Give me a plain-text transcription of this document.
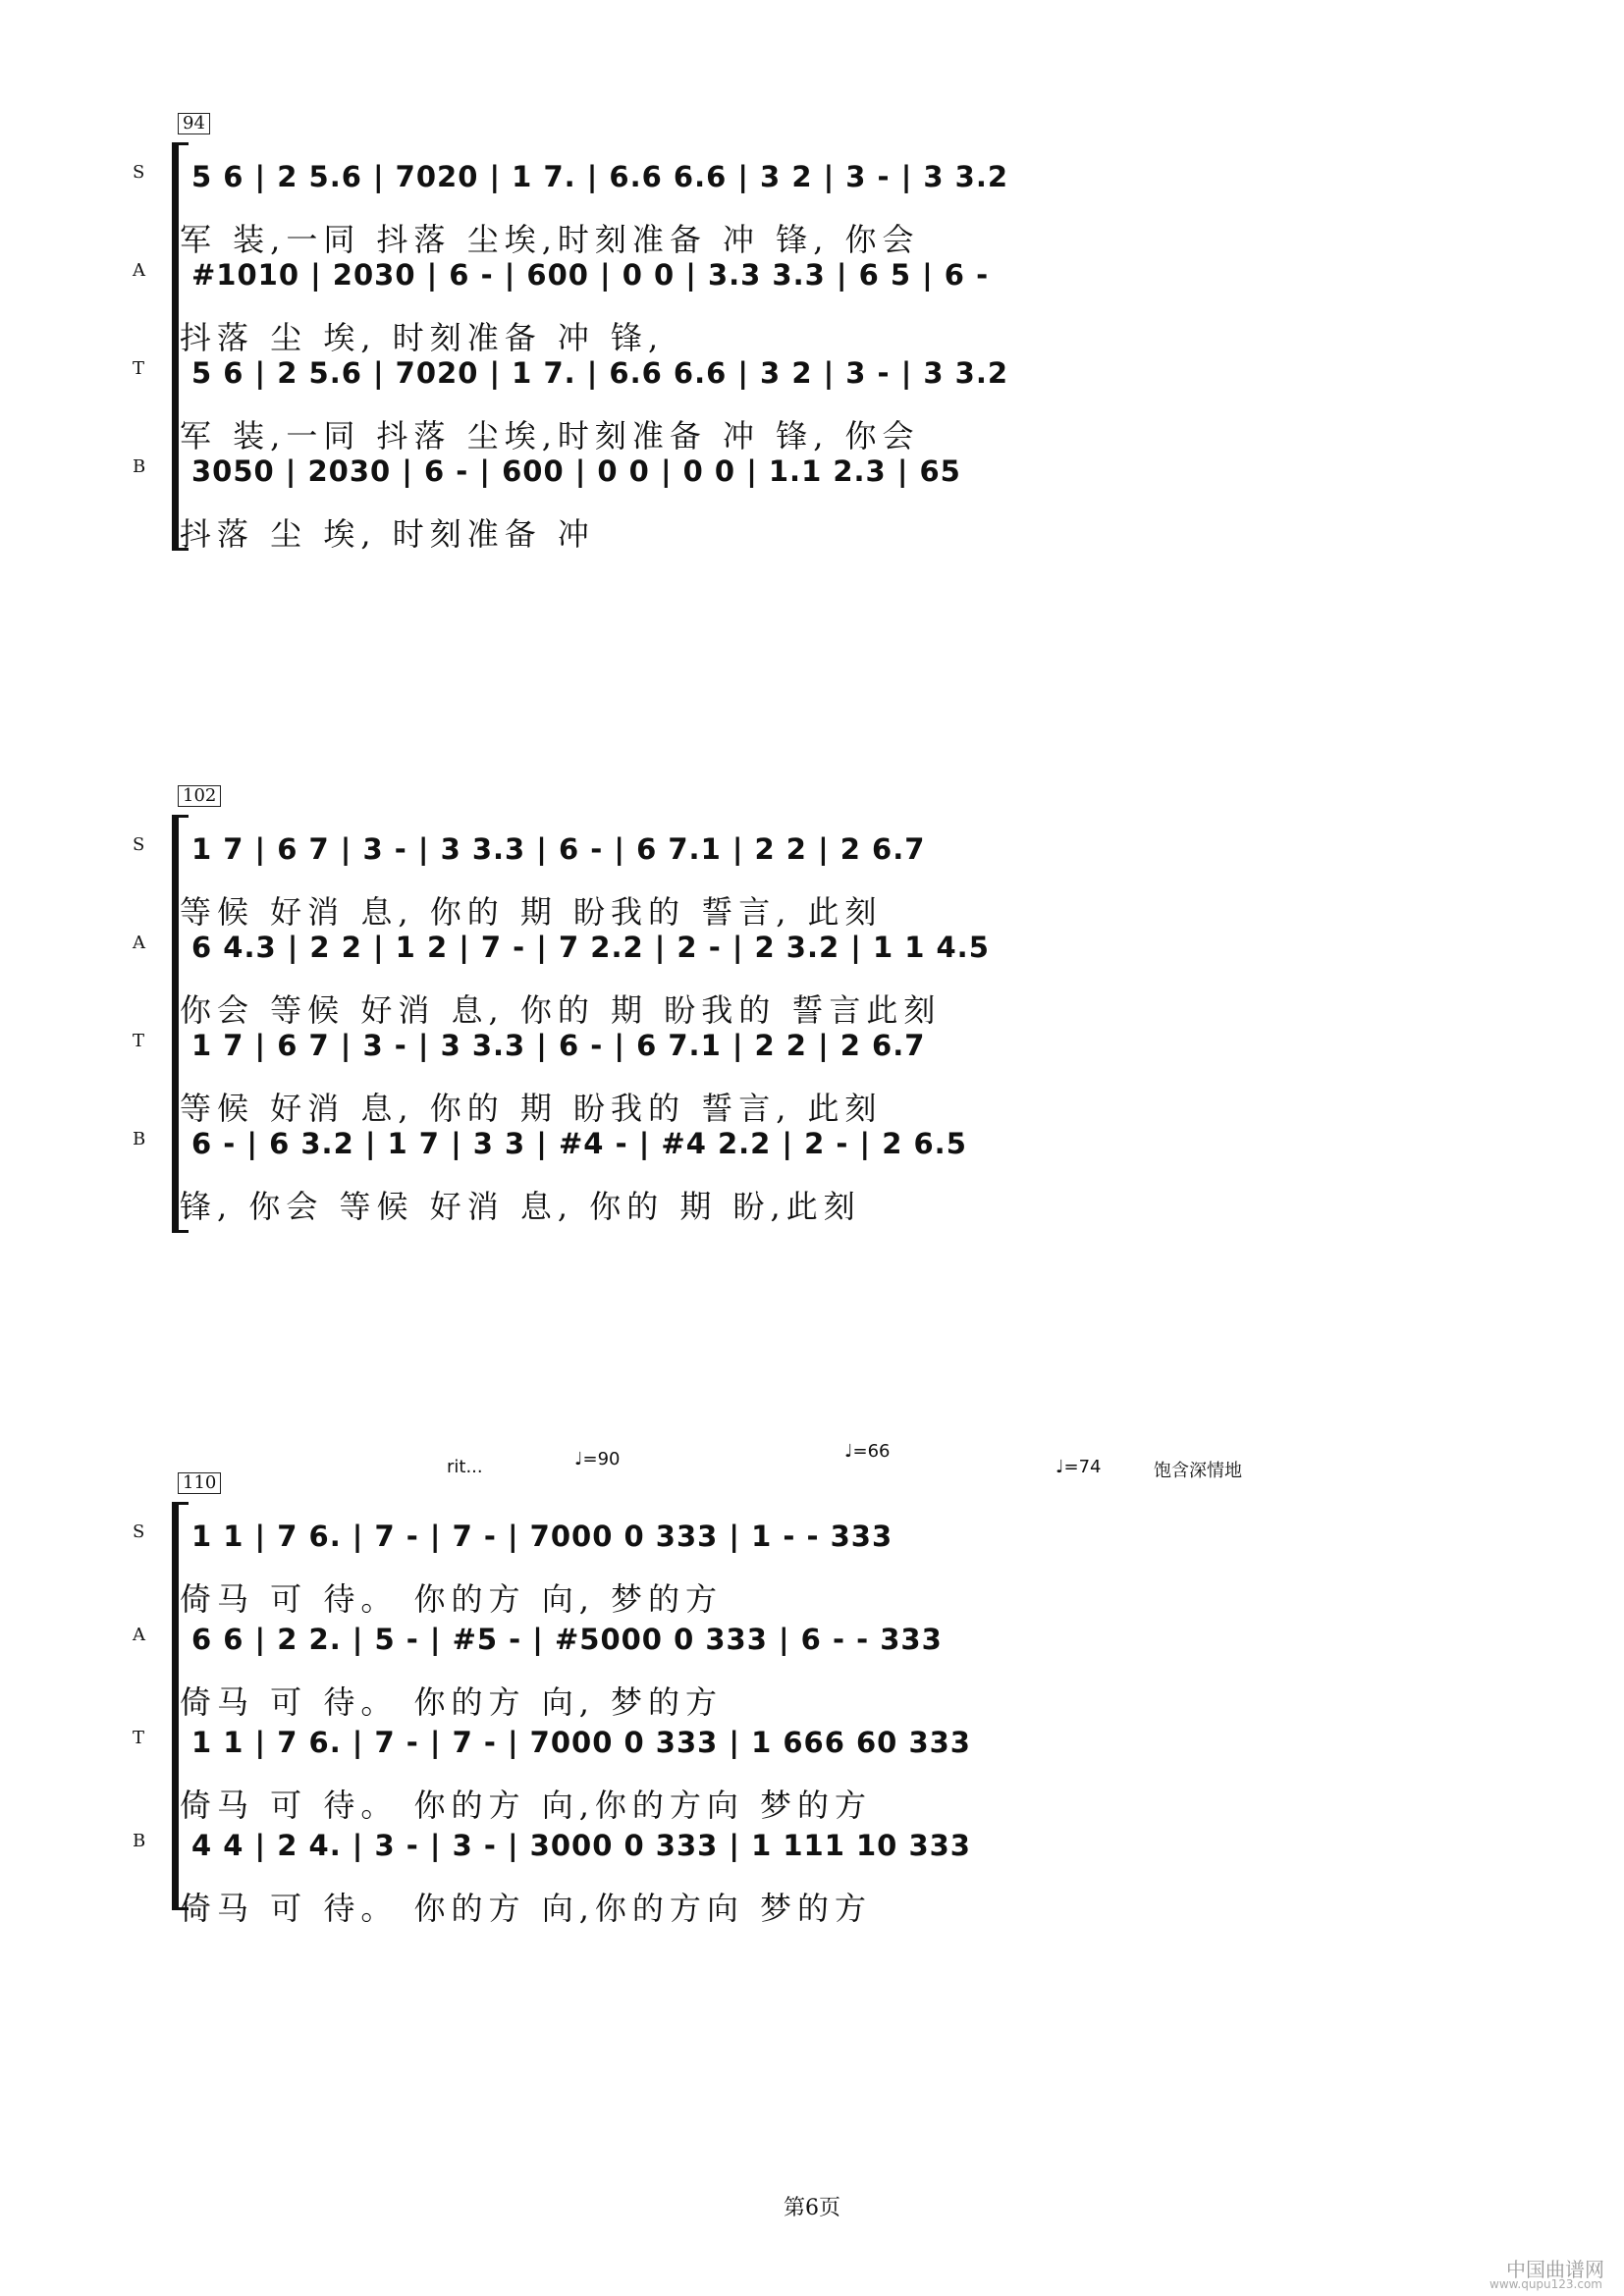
94
S 5 6 | 2 5.6 | 7020 | 1 7. | 6.6 6.6 | 3 2 | 3 - | 3 3.2
军 装,一同 抖落 尘埃,时刻准备 冲 锋, 你会
A #1010 | 2030 | 6 - | 600 | 0 0 | 3.3 3.3 | 6 5 | 6 -
抖落 尘 埃, 时刻准备 冲 锋,
T 5 6 | 2 5.6 | 7020 | 1 7. | 6.6 6.6 | 3 2 | 3 - | 3 3.2
军 装,一同 抖落 尘埃,时刻准备 冲 锋, 你会
B 3050 | 2030 | 6 - | 600 | 0 0 | 0 0 | 1.1 2.3 | 65
抖落 尘 埃, 时刻准备 冲
102
S 1 7 | 6 7 | 3 - | 3 3.3 | 6 - | 6 7.1 | 2 2 | 2 6.7
等候 好消 息, 你的 期 盼我的 誓言, 此刻
A 6 4.3 | 2 2 | 1 2 | 7 - | 7 2.2 | 2 - | 2 3.2 | 1 1 4.5
你会 等候 好消 息, 你的 期 盼我的 誓言此刻
T 1 7 | 6 7 | 3 - | 3 3.3 | 6 - | 6 7.1 | 2 2 | 2 6.7
等候 好消 息, 你的 期 盼我的 誓言, 此刻
B 6 - | 6 3.2 | 1 7 | 3 3 | #4 - | #4 2.2 | 2 - | 2 6.5
锋, 你会 等候 好消 息, 你的 期 盼,此刻
rit...	♩=90	♩=66
♩=74	饱含深情地
110
S 1 1 | 7 6. | 7 - | 7 - | 7000 0 333 | 1 - - 333
倚马 可 待。 你的方 向, 梦的方
A 6 6 | 2 2. | 5 - | #5 - | #5000 0 333 | 6 - - 333
倚马 可 待。 你的方 向, 梦的方
T 1 1 | 7 6. | 7 - | 7 - | 7000 0 333 | 1 666 60 333
倚马 可 待。 你的方 向,你的方向 梦的方
B 4 4 | 2 4. | 3 - | 3 - | 3000 0 333 | 1 111 10 333
倚马 可 待。 你的方 向,你的方向 梦的方
第6页
中国曲谱网
www.qupu123.com
